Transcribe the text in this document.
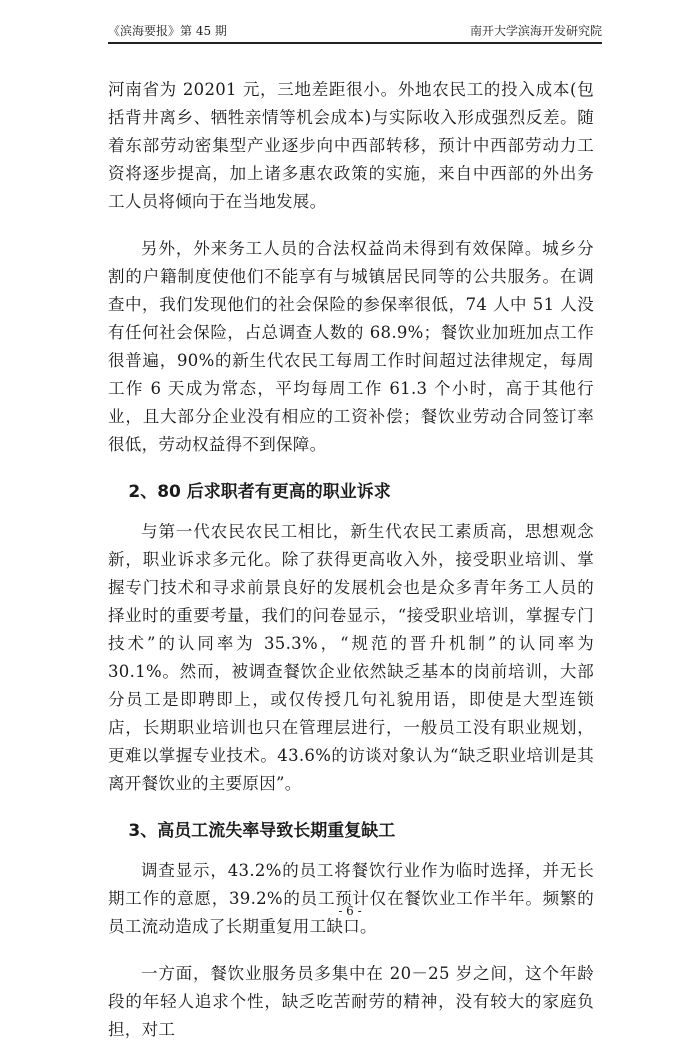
《滨海要报》第 45 期	南开大学滨海开发研究院

河南省为 20201 元，三地差距很小。外地农民工的投入成本(包括背井离乡、牺牲亲情等机会成本)与实际收入形成强烈反差。随着东部劳动密集型产业逐步向中西部转移，预计中西部劳动力工资将逐步提高，加上诸多惠农政策的实施，来自中西部的外出务工人员将倾向于在当地发展。

另外，外来务工人员的合法权益尚未得到有效保障。城乡分割的户籍制度使他们不能享有与城镇居民同等的公共服务。在调查中，我们发现他们的社会保险的参保率很低，74 人中 51 人没有任何社会保险，占总调查人数的 68.9%；餐饮业加班加点工作很普遍，90%的新生代农民工每周工作时间超过法律规定，每周工作 6 天成为常态，平均每周工作 61.3 个小时，高于其他行业，且大部分企业没有相应的工资补偿；餐饮业劳动合同签订率很低，劳动权益得不到保障。

2、80 后求职者有更高的职业诉求

与第一代农民农民工相比，新生代农民工素质高，思想观念新，职业诉求多元化。除了获得更高收入外，接受职业培训、掌握专门技术和寻求前景良好的发展机会也是众多青年务工人员的择业时的重要考量，我们的问卷显示，“接受职业培训，掌握专门技术”的认同率为 35.3%，“规范的晋升机制”的认同率为 30.1%。然而，被调查餐饮企业依然缺乏基本的岗前培训，大部分员工是即聘即上，或仅传授几句礼貌用语，即使是大型连锁店，长期职业培训也只在管理层进行，一般员工没有职业规划，更难以掌握专业技术。43.6%的访谈对象认为“缺乏职业培训是其离开餐饮业的主要原因”。

3、高员工流失率导致长期重复缺工

调查显示，43.2%的员工将餐饮行业作为临时选择，并无长期工作的意愿，39.2%的员工预计仅在餐饮业工作半年。频繁的员工流动造成了长期重复用工缺口。

一方面，餐饮业服务员多集中在 20－25 岁之间，这个年龄段的年轻人追求个性，缺乏吃苦耐劳的精神，没有较大的家庭负担，对工

- 6 -
